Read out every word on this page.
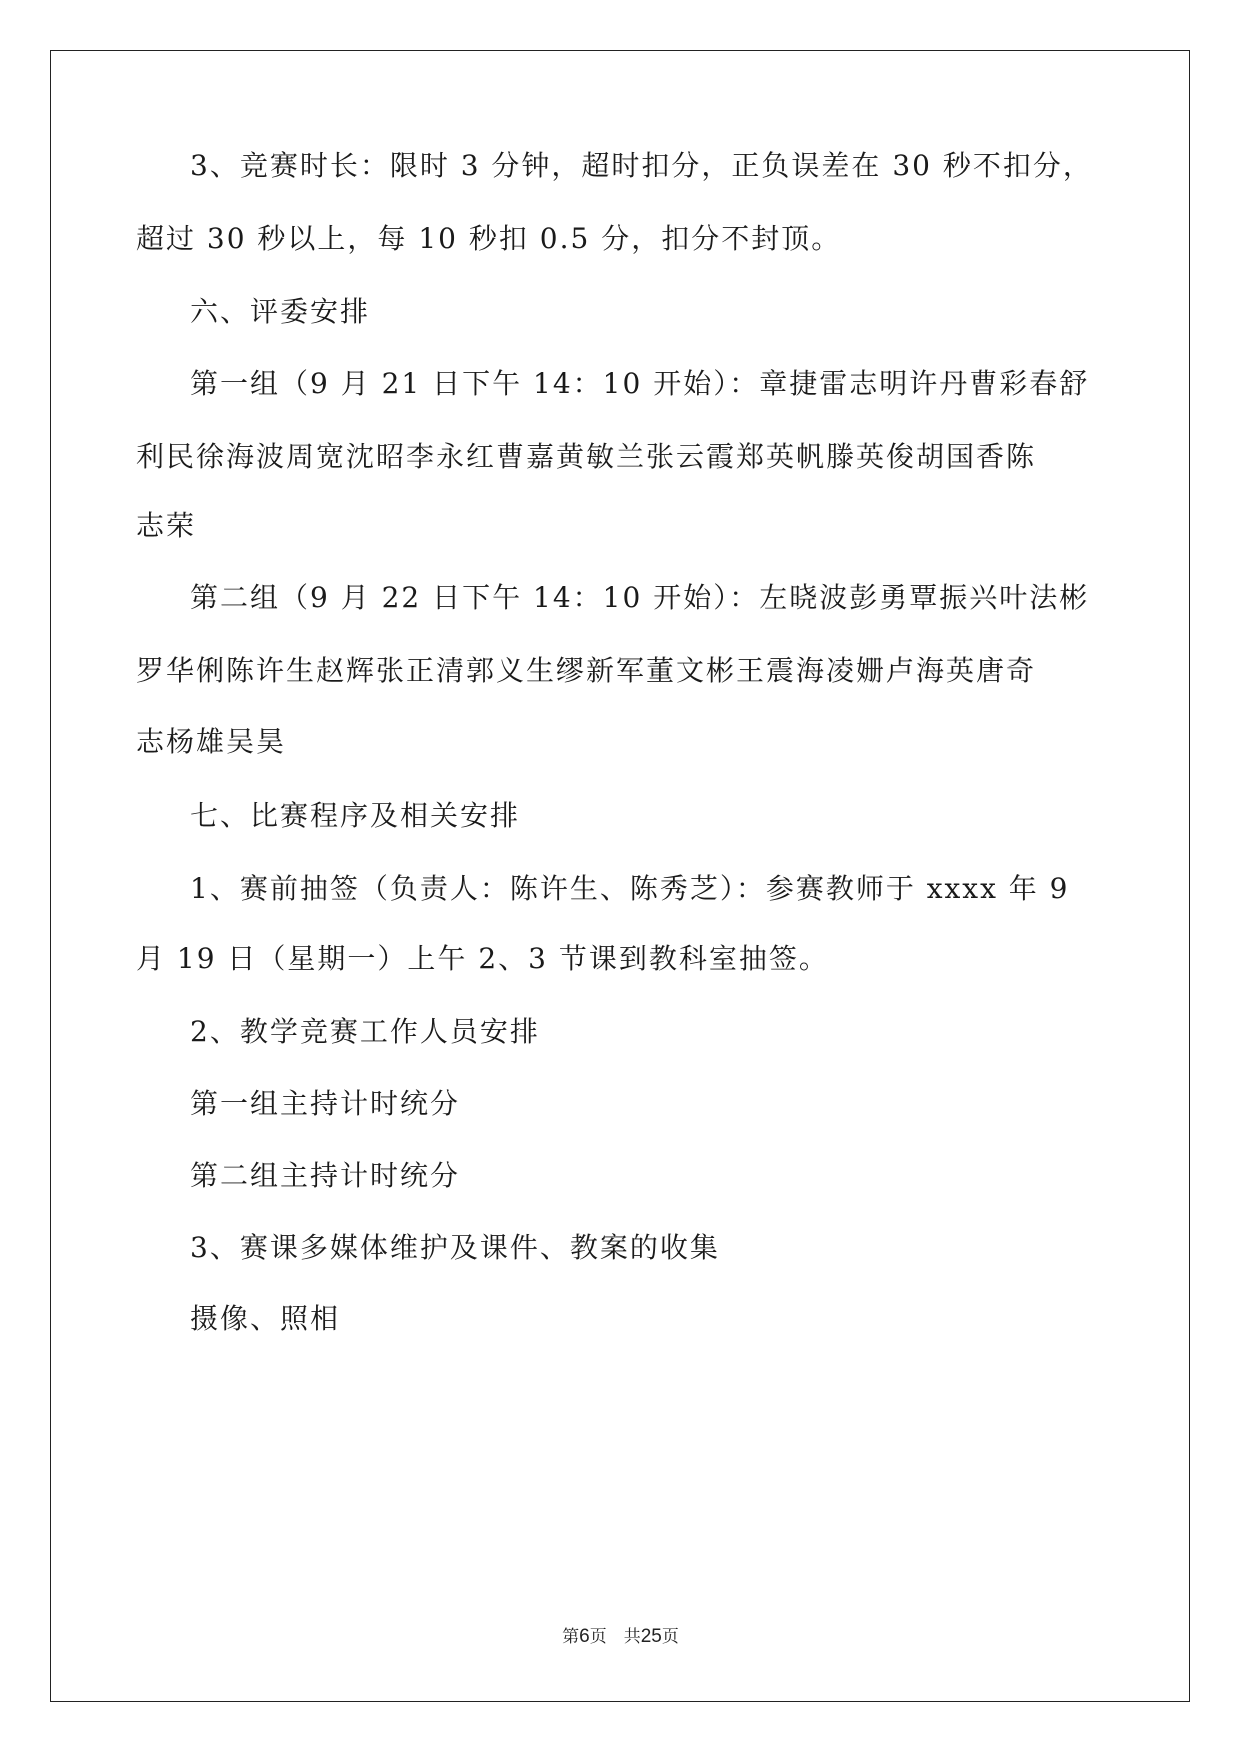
3、竞赛时长：限时 3 分钟，超时扣分，正负误差在 30 秒不扣分，
超过 30 秒以上，每 10 秒扣 0.5 分，扣分不封顶。
六、评委安排
第一组（9 月 21 日下午 14：10 开始）：章捷雷志明许丹曹彩春舒
利民徐海波周宽沈昭李永红曹嘉黄敏兰张云霞郑英帆滕英俊胡国香陈
志荣
第二组（9 月 22 日下午 14：10 开始）：左晓波彭勇覃振兴叶法彬
罗华俐陈许生赵辉张正清郭义生缪新军董文彬王震海凌姗卢海英唐奇
志杨雄吴昊
七、比赛程序及相关安排
1、赛前抽签（负责人：陈许生、陈秀芝）：参赛教师于 xxxx 年 9
月 19 日（星期一）上午 2、3 节课到教科室抽签。
2、教学竞赛工作人员安排
第一组主持计时统分
第二组主持计时统分
3、赛课多媒体维护及课件、教案的收集
摄像、照相
第6页　共25页
